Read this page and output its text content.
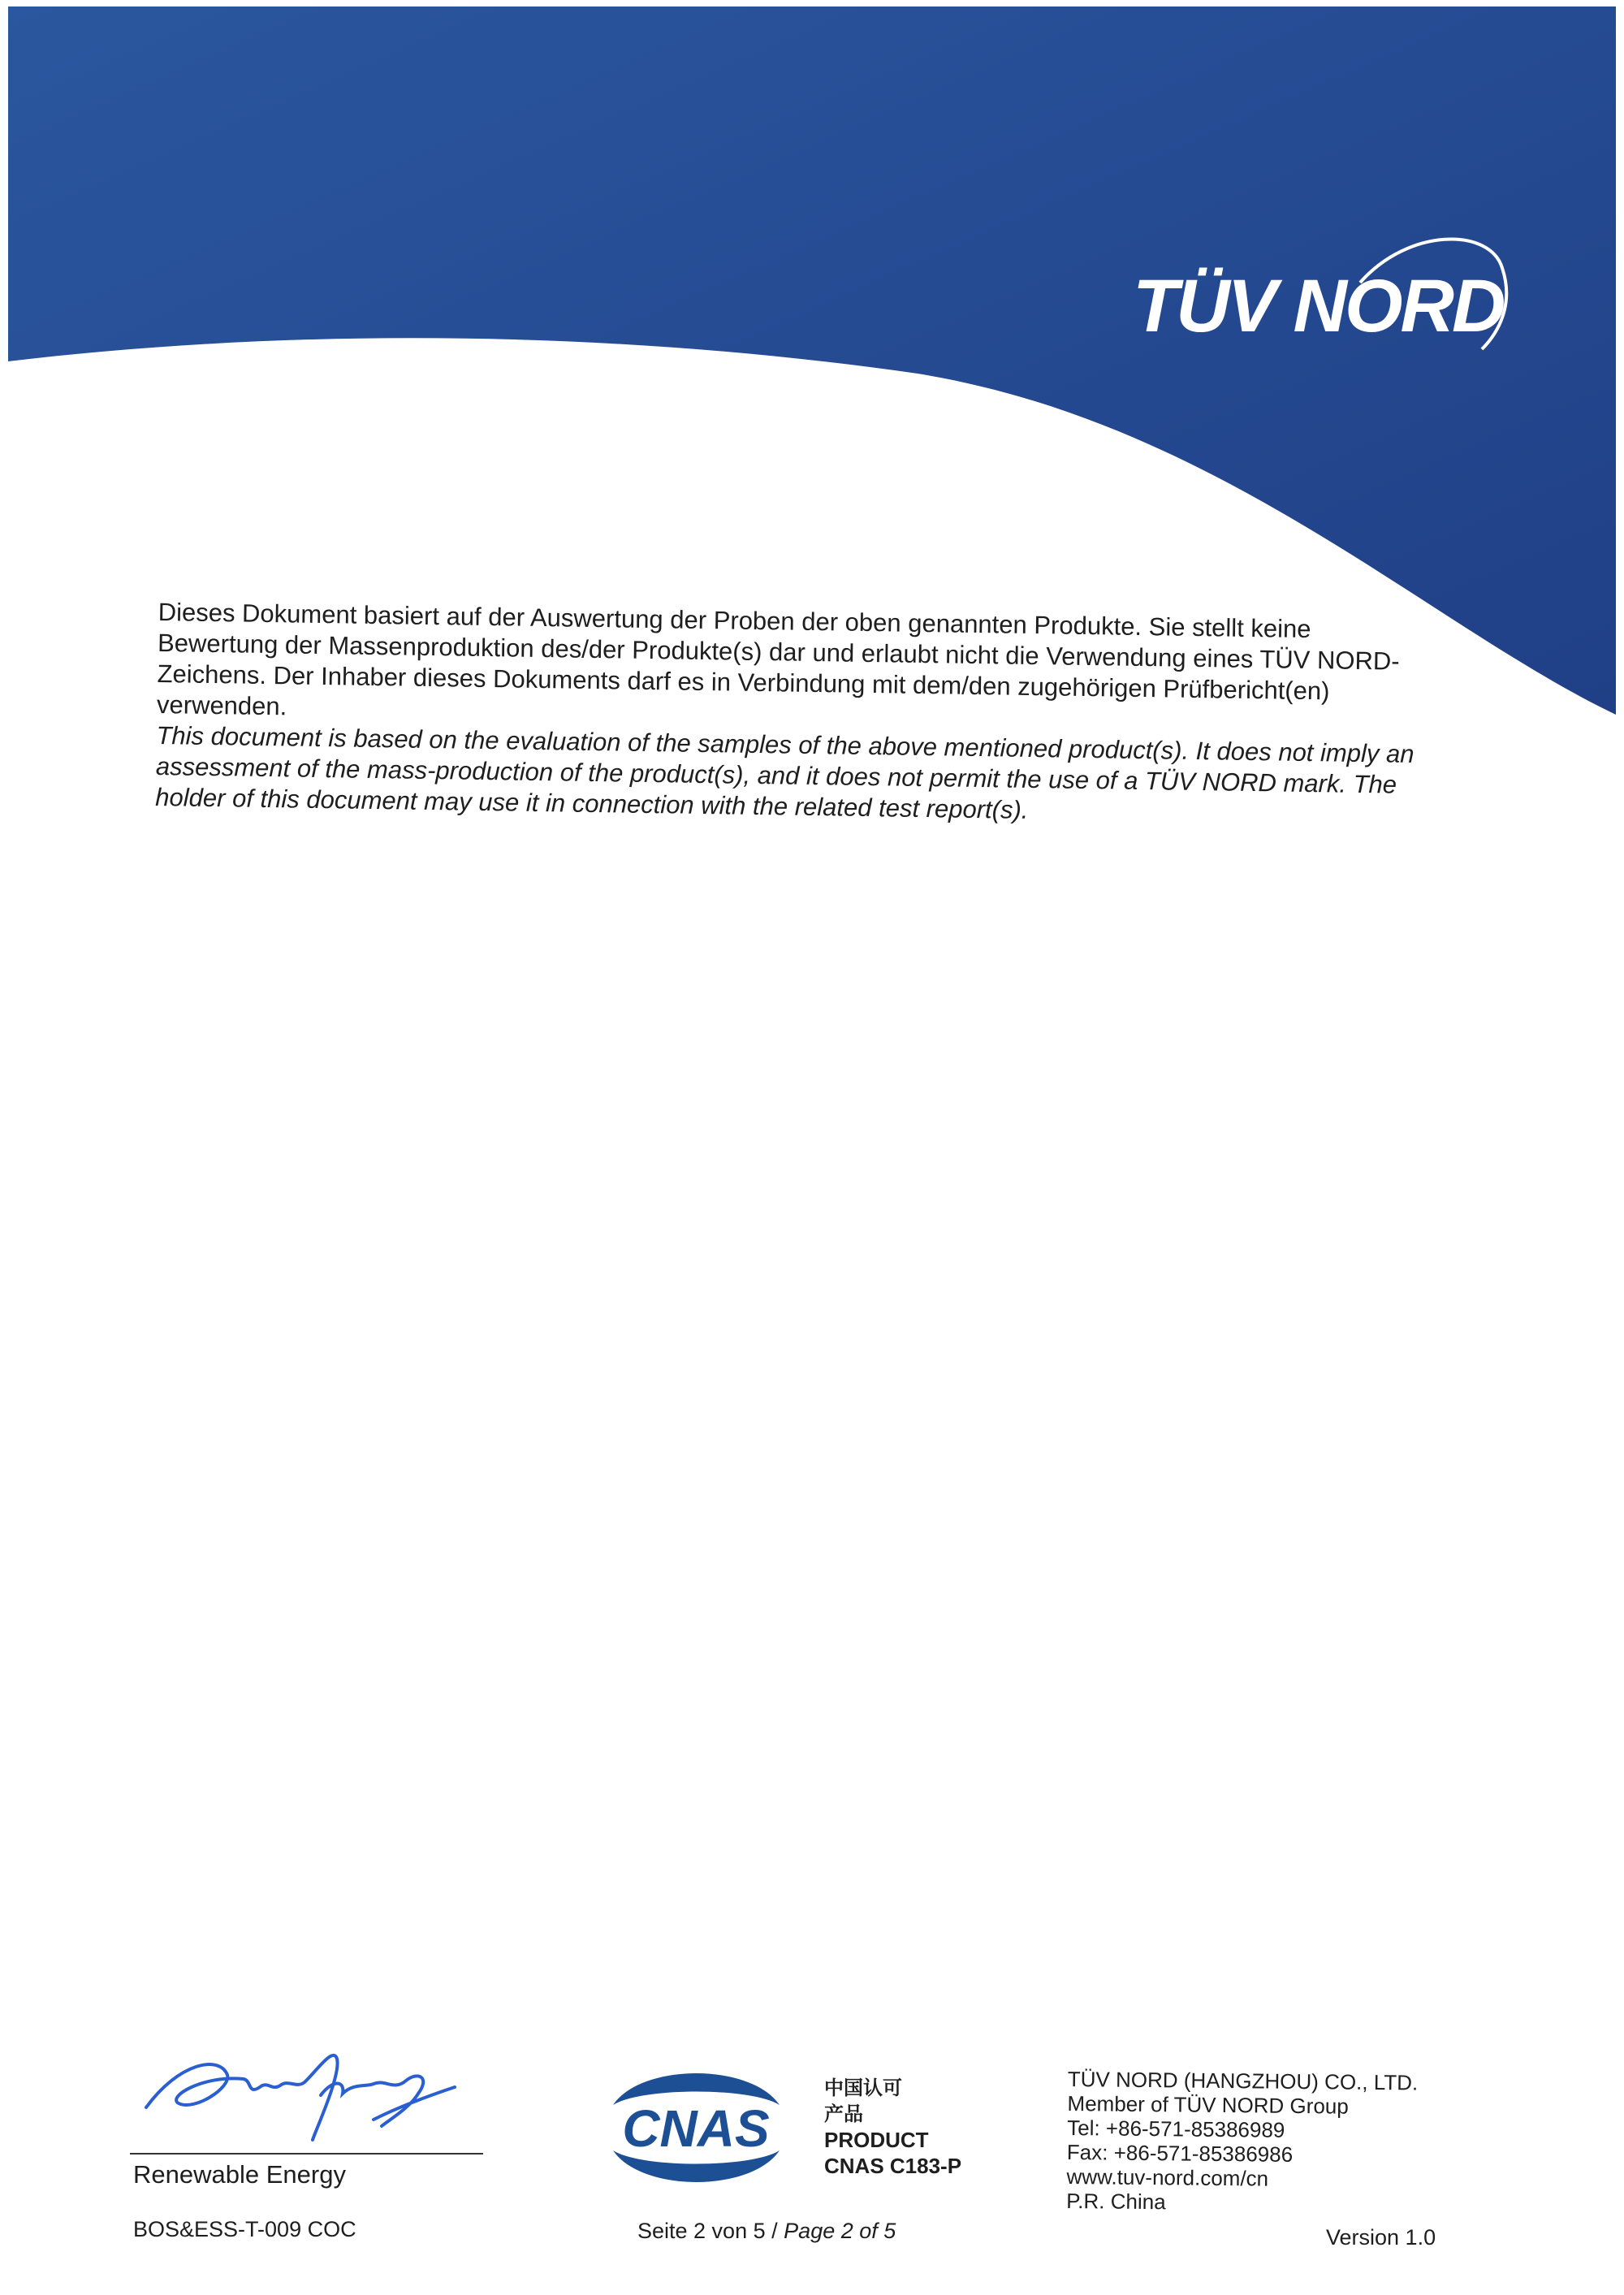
TÜV NORD

Dieses Dokument basiert auf der Auswertung der Proben der oben genannten Produkte. Sie stellt keine Bewertung der Massenproduktion des/der Produkte(s) dar und erlaubt nicht die Verwendung eines TÜV NORD-Zeichens. Der Inhaber dieses Dokuments darf es in Verbindung mit dem/den zugehörigen Prüfbericht(en) verwenden.

This document is based on the evaluation of the samples of the above mentioned product(s). It does not imply an assessment of the mass-production of the product(s), and it does not permit the use of a TÜV NORD mark. The holder of this document may use it in connection with the related test report(s).

Renewable Energy
BOS&ESS-T-009 COC
CNAS
中国认可
产品
PRODUCT
CNAS C183-P
Seite 2 von 5 / Page 2 of 5
TÜV NORD (HANGZHOU) CO., LTD.
Member of TÜV NORD Group
Tel: +86-571-85386989
Fax: +86-571-85386986
www.tuv-nord.com/cn
P.R. China
Version 1.0
